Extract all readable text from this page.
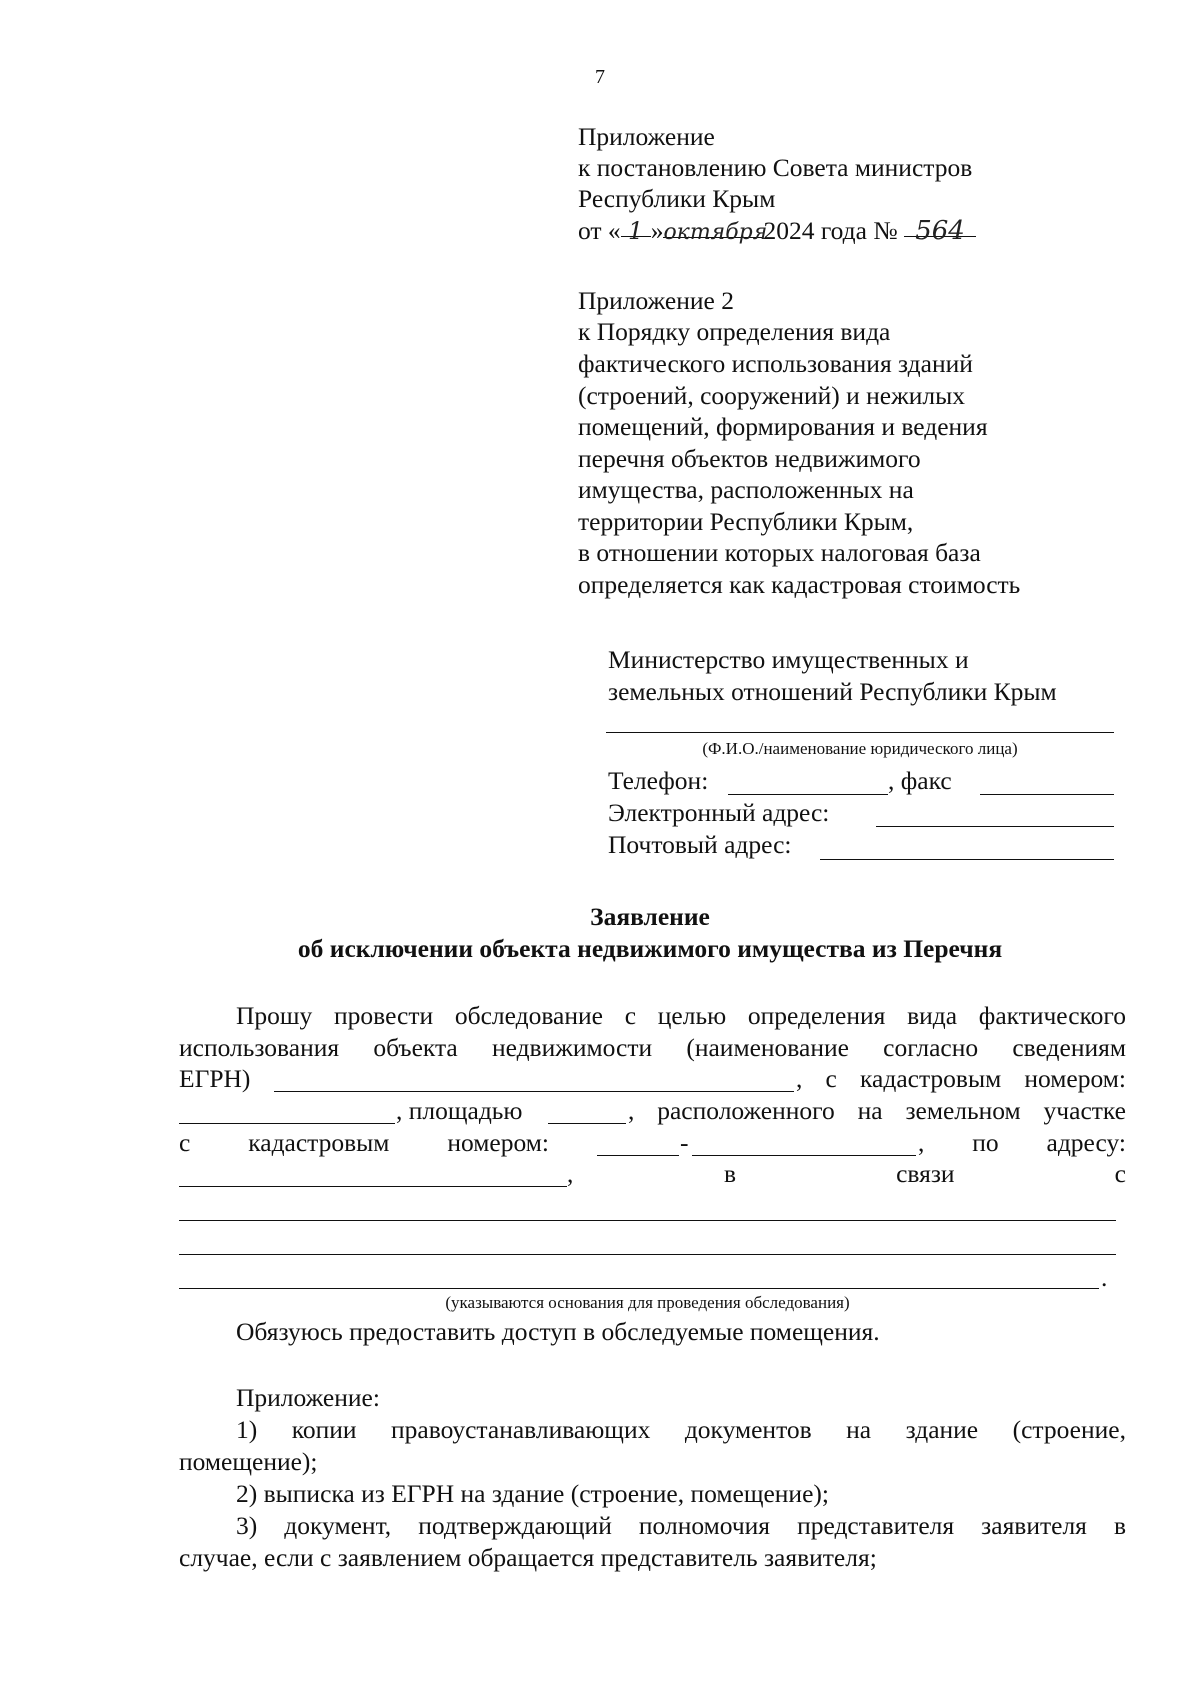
7
Приложение
к постановлению Совета министров
Республики Крым
от « 1 »октября2024 года № 564
Приложение 2
к Порядку определения вида
фактического использования зданий
(строений, сооружений) и нежилых
помещений, формирования и ведения
перечня объектов недвижимого
имущества, расположенных на
территории Республики Крым,
в отношении которых налоговая база
определяется как кадастровая стоимость
Министерство имущественных и
земельных отношений Республики Крым
(Ф.И.О./наименование юридического лица)
Телефон:	, факс
Электронный адрес:
Почтовый адрес:
Заявление
об исключении объекта недвижимого имущества из Перечня
Прошу провести обследование с целью определения вида фактического
использования объекта недвижимости (наименование согласно сведениям
ЕГРН)	, с кадастровым номером:
, площадью	, расположенного на земельном участке
с кадастровым номером:	-	, по адресу:
,	в	связи	с
.
(указываются основания для проведения обследования)
Обязуюсь предоставить доступ в обследуемые помещения.
Приложение:
1) копии правоустанавливающих документов на здание (строение,
помещение);
2) выписка из ЕГРН на здание (строение, помещение);
3) документ, подтверждающий полномочия представителя заявителя в
случае, если с заявлением обращается представитель заявителя;
